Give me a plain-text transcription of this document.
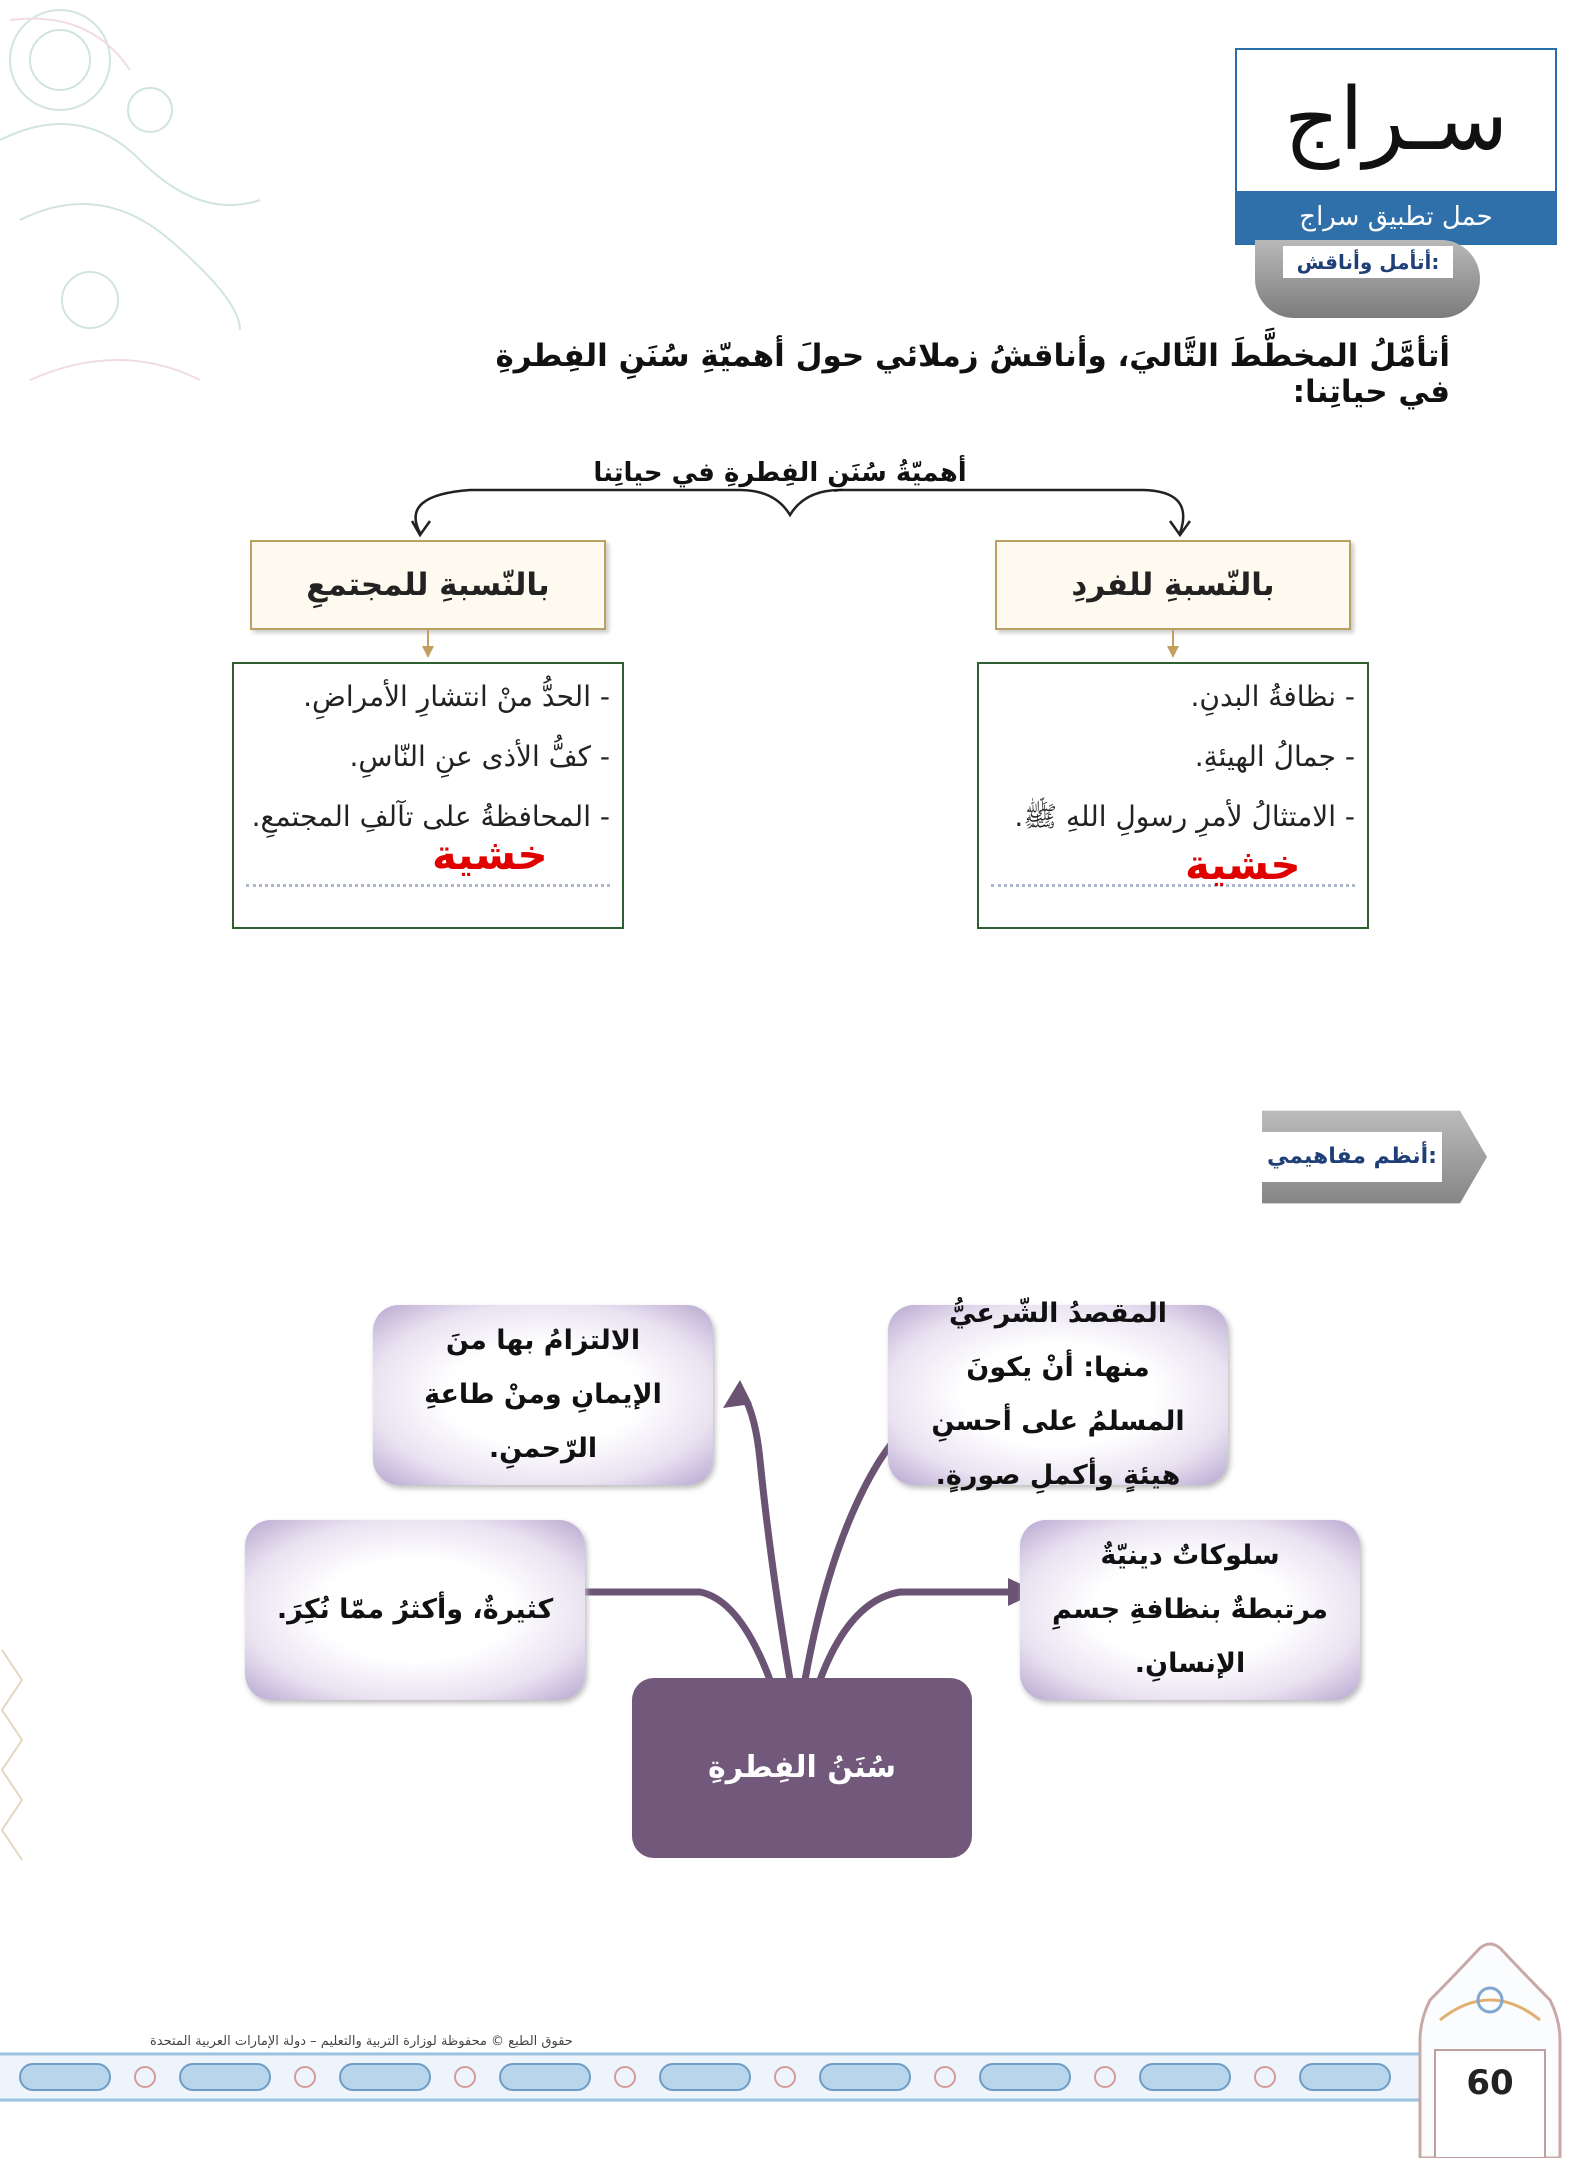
سـراج
حمل تطبيق سراج
أتأمل وأناقش:
أتأمَّلُ المخطَّطَ التَّاليَ، وأناقشُ زملائي حولَ أهميّةِ سُنَنِ الفِطرةِ في حياتِنا:
أهميّةُ سُنَنِ الفِطرةِ في حياتِنا
بالنّسبةِ للفردِ
- نظافةُ البدنِ.
- جمالُ الهيئةِ.
- الامتثالُ لأمرِ رسولِ اللهِ ﷺ.
خشية
بالنّسبةِ للمجتمعِ
- الحدُّ منْ انتشارِ الأمراضِ.
- كفُّ الأذى عنِ النّاسِ.
- المحافظةُ على تآلفِ المجتمعِ.
خشية
أنظم مفاهيمي:
المقصدُ الشّرعيُّ منها: أنْ يكونَ المسلمُ على أحسنِ هيئةٍ وأكملِ صورةٍ.
الالتزامُ بها منَ الإيمانِ ومنْ طاعةِ الرّحمنِ.
سلوكاتٌ دينيّةٌ مرتبطةٌ بنظافةِ جسمِ الإنسانِ.
كثيرةٌ، وأكثرُ ممّا نُكِرَ.
سُنَنُ الفِطرةِ
حقوق الطبع © محفوظة لوزارة التربية والتعليم – دولة الإمارات العربية المتحدة
60
